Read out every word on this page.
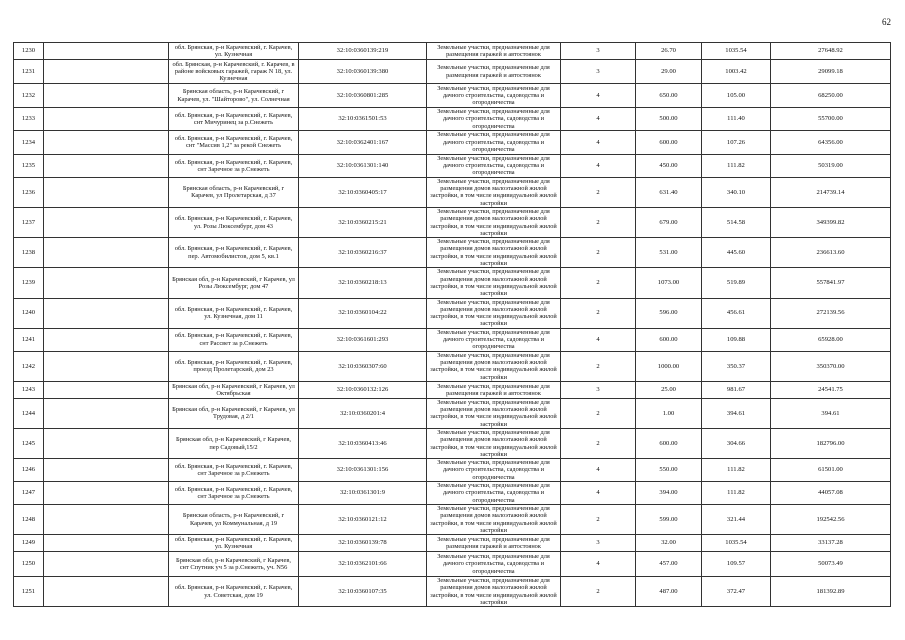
62
1230		обл. Брянская, р-н Карачевский, г. Карачев, ул. Кузнечная	32:10:0360139:219	Земельные участки, предназначенные для размещения гаражей и автостоянок	3	26.70	1035.54	27648.92
1231		обл. Брянская, р-н Карачевский, г. Карачев, в районе войсковых гаражей, гараж N 18, ул. Кузнечная	32:10:0360139:380	Земельные участки, предназначенные для размещения гаражей и автостоянок	3	29.00	1003.42	29099.18
1232		Брянская область, р-н Карачевский, г Карачев, ул. "Шайторово", ул. Солнечная	32:10:0360801:285	Земельные участки, предназначенные для дачного строительства, садоводства и огородничества	4	650.00	105.00	68250.00
1233		обл. Брянская, р-н Карачевский, г. Карачев, снт Мичуринец за р.Снежеть	32:10:0361501:53	Земельные участки, предназначенные для дачного строительства, садоводства и огородничества	4	500.00	111.40	55700.00
1234		обл. Брянская, р-н Карачевский, г. Карачев, снт "Массив 1,2" за рекой Снежеть	32:10:0362401:167	Земельные участки, предназначенные для дачного строительства, садоводства и огородничества	4	600.00	107.26	64356.00
1235		обл. Брянская, р-н Карачевский, г. Карачев, снт Заречное за р.Снежеть	32:10:0361301:140	Земельные участки, предназначенные для дачного строительства, садоводства и огородничества	4	450.00	111.82	50319.00
1236		Брянская область, р-н Карачевский, г Карачев, ул Пролетарская, д 37	32:10:0360405:17	Земельные участки, предназначенные для размещения домов малоэтажной жилой застройки, в том числе индивидуальной жилой застройки	2	631.40	340.10	214739.14
1237		обл. Брянская, р-н Карачевский, г. Карачев, ул. Розы Люксембург, дом 43	32:10:0360215:21	Земельные участки, предназначенные для размещения домов малоэтажной жилой застройки, в том числе индивидуальной жилой застройки	2	679.00	514.58	349399.82
1238		обл. Брянская, р-н Карачевский, г. Карачев, пер. Автомобилистов, дом 5, кв.1	32:10:0360216:37	Земельные участки, предназначенные для размещения домов малоэтажной жилой застройки, в том числе индивидуальной жилой застройки	2	531.00	445.60	236613.60
1239		Брянская обл, р-н Карачевский, г Карачев, ул Розы Люксембург, дом 47	32:10:0360218:13	Земельные участки, предназначенные для размещения домов малоэтажной жилой застройки, в том числе индивидуальной жилой застройки	2	1073.00	519.89	557841.97
1240		обл. Брянская, р-н Карачевский, г. Карачев, ул. Кузнечная, дом 11	32:10:0360104:22	Земельные участки, предназначенные для размещения домов малоэтажной жилой застройки, в том числе индивидуальной жилой застройки	2	596.00	456.61	272139.56
1241		обл. Брянская, р-н Карачевский, г. Карачев, снт Рассвет за р.Снежеть	32:10:0361601:293	Земельные участки, предназначенные для дачного строительства, садоводства и огородничества	4	600.00	109.88	65928.00
1242		обл. Брянская, р-н Карачевский, г. Карачев, проезд Пролетарский, дом 23	32:10:0360307:60	Земельные участки, предназначенные для размещения домов малоэтажной жилой застройки, в том числе индивидуальной жилой застройки	2	1000.00	350.37	350370.00
1243		Брянская обл, р-н Карачевский, г Карачев, ул Октябрьская	32:10:0360132:126	Земельные участки, предназначенные для размещения гаражей и автостоянок	3	25.00	981.67	24541.75
1244		Брянская обл, р-н Карачевский, г Карачев, ул Трудовая, д 2/1	32:10:0360201:4	Земельные участки, предназначенные для размещения домов малоэтажной жилой застройки, в том числе индивидуальной жилой застройки	2	1.00	394.61	394.61
1245		Брянская обл, р-н Карачевский, г Карачев, пер Садовый,15/2	32:10:0360413:46	Земельные участки, предназначенные для размещения домов малоэтажной жилой застройки, в том числе индивидуальной жилой застройки	2	600.00	304.66	182796.00
1246		обл. Брянская, р-н Карачевский, г. Карачев, снт Заречное за р.Снежеть	32:10:0361301:156	Земельные участки, предназначенные для дачного строительства, садоводства и огородничества	4	550.00	111.82	61501.00
1247		обл. Брянская, р-н Карачевский, г. Карачев, снт Заречное за р.Снежеть	32:10:0361301:9	Земельные участки, предназначенные для дачного строительства, садоводства и огородничества	4	394.00	111.82	44057.08
1248		Брянская область, р-н Карачевский, г Карачев, ул Коммунальная, д 19	32:10:0360121:12	Земельные участки, предназначенные для размещения домов малоэтажной жилой застройки, в том числе индивидуальной жилой застройки	2	599.00	321.44	192542.56
1249		обл. Брянская, р-н Карачевский, г. Карачев, ул. Кузнечная	32:10:0360139:78	Земельные участки, предназначенные для размещения гаражей и автостоянок	3	32.00	1035.54	33137.28
1250		Брянская обл, р-н Карачевский, г Карачев, снт Спутник уч 5 за р.Снежеть, уч. N56	32:10:0362101:66	Земельные участки, предназначенные для дачного строительства, садоводства и огородничества	4	457.00	109.57	50073.49
1251		обл. Брянская, р-н Карачевский, г. Карачев, ул. Советская, дом 19	32:10:0360107:35	Земельные участки, предназначенные для размещения домов малоэтажной жилой застройки, в том числе индивидуальной жилой застройки	2	487.00	372.47	181392.89
